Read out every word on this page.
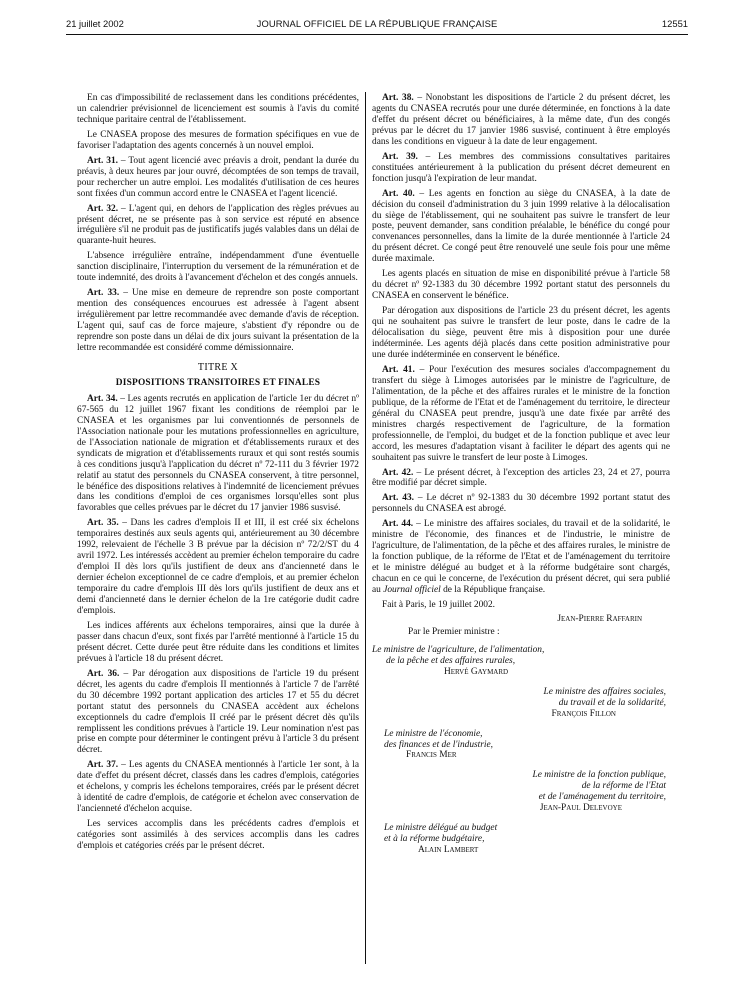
21 juillet 2002	JOURNAL OFFICIEL DE LA RÉPUBLIQUE FRANÇAISE	12551

En cas d'impossibilité de reclassement dans les conditions précédentes, un calendrier prévisionnel de licenciement est soumis à l'avis du comité technique paritaire central de l'établissement.

Le CNASEA propose des mesures de formation spécifiques en vue de favoriser l'adaptation des agents concernés à un nouvel emploi.

Art. 31. – Tout agent licencié avec préavis a droit, pendant la durée du préavis, à deux heures par jour ouvré, décomptées de son temps de travail, pour rechercher un autre emploi. Les modalités d'utilisation de ces heures sont fixées d'un commun accord entre le CNASEA et l'agent licencié.

Art. 32. – L'agent qui, en dehors de l'application des règles prévues au présent décret, ne se présente pas à son service est réputé en absence irrégulière s'il ne produit pas de justificatifs jugés valables dans un délai de quarante-huit heures.

L'absence irrégulière entraîne, indépendamment d'une éventuelle sanction disciplinaire, l'interruption du versement de la rémunération et de toute indemnité, des droits à l'avancement d'échelon et des congés annuels.

Art. 33. – Une mise en demeure de reprendre son poste comportant mention des conséquences encourues est adressée à l'agent absent irrégulièrement par lettre recommandée avec demande d'avis de réception. L'agent qui, sauf cas de force majeure, s'abstient d'y répondre ou de reprendre son poste dans un délai de dix jours suivant la présentation de la lettre recommandée est considéré comme démissionnaire.

TITRE X
DISPOSITIONS TRANSITOIRES ET FINALES

Art. 34. – Les agents recrutés en application de l'article 1er du décret nº 67-565 du 12 juillet 1967 fixant les conditions de réemploi par le CNASEA et les organismes par lui conventionnés de personnels de l'Association nationale pour les mutations professionnelles en agriculture, de l'Association nationale de migration et d'établissements ruraux et des syndicats de migration et d'établissements ruraux et qui sont restés soumis à ces conditions jusqu'à l'application du décret nº 72-111 du 3 février 1972 relatif au statut des personnels du CNASEA conservent, à titre personnel, le bénéfice des dispositions relatives à l'indemnité de licenciement prévues dans les conditions d'emploi de ces organismes lorsqu'elles sont plus favorables que celles prévues par le décret du 17 janvier 1986 susvisé.

Art. 35. – Dans les cadres d'emplois II et III, il est créé six échelons temporaires destinés aux seuls agents qui, antérieurement au 30 décembre 1992, relevaient de l'échelle 3 B prévue par la décision nº 72/2/ST du 4 avril 1972. Les intéressés accèdent au premier échelon temporaire du cadre d'emploi II dès lors qu'ils justifient de deux ans d'ancienneté dans le dernier échelon exceptionnel de ce cadre d'emplois, et au premier échelon temporaire du cadre d'emplois III dès lors qu'ils justifient de deux ans et demi d'ancienneté dans le dernier échelon de la 1re catégorie dudit cadre d'emplois.

Les indices afférents aux échelons temporaires, ainsi que la durée à passer dans chacun d'eux, sont fixés par l'arrêté mentionné à l'article 15 du présent décret. Cette durée peut être réduite dans les conditions et limites prévues à l'article 18 du présent décret.

Art. 36. – Par dérogation aux dispositions de l'article 19 du présent décret, les agents du cadre d'emplois II mentionnés à l'article 7 de l'arrêté du 30 décembre 1992 portant application des articles 17 et 55 du décret portant statut des personnels du CNASEA accèdent aux échelons exceptionnels du cadre d'emplois II créé par le présent décret dès qu'ils remplissent les conditions prévues à l'article 19. Leur nomination n'est pas prise en compte pour déterminer le contingent prévu à l'article 3 du présent décret.

Art. 37. – Les agents du CNASEA mentionnés à l'article 1er sont, à la date d'effet du présent décret, classés dans les cadres d'emplois, catégories et échelons, y compris les échelons temporaires, créés par le présent décret à identité de cadre d'emplois, de catégorie et échelon avec conservation de l'ancienneté d'échelon acquise.

Les services accomplis dans les précédents cadres d'emplois et catégories sont assimilés à des services accomplis dans les cadres d'emplois et catégories créés par le présent décret.

Art. 38. – Nonobstant les dispositions de l'article 2 du présent décret, les agents du CNASEA recrutés pour une durée déterminée, en fonctions à la date d'effet du présent décret ou bénéficiaires, à la même date, d'un des congés prévus par le décret du 17 janvier 1986 susvisé, continuent à être employés dans les conditions en vigueur à la date de leur engagement.

Art. 39. – Les membres des commissions consultatives paritaires constituées antérieurement à la publication du présent décret demeurent en fonction jusqu'à l'expiration de leur mandat.

Art. 40. – Les agents en fonction au siège du CNASEA, à la date de décision du conseil d'administration du 3 juin 1999 relative à la délocalisation du siège de l'établissement, qui ne souhaitent pas suivre le transfert de leur poste, peuvent demander, sans condition préalable, le bénéfice du congé pour convenances personnelles, dans la limite de la durée mentionnée à l'article 24 du présent décret. Ce congé peut être renouvelé une seule fois pour une même durée maximale.

Les agents placés en situation de mise en disponibilité prévue à l'article 58 du décret nº 92-1383 du 30 décembre 1992 portant statut des personnels du CNASEA en conservent le bénéfice.

Par dérogation aux dispositions de l'article 23 du présent décret, les agents qui ne souhaitent pas suivre le transfert de leur poste, dans le cadre de la délocalisation du siège, peuvent être mis à disposition pour une durée indéterminée. Les agents déjà placés dans cette position administrative pour une durée indéterminée en conservent le bénéfice.

Art. 41. – Pour l'exécution des mesures sociales d'accompagnement du transfert du siège à Limoges autorisées par le ministre de l'agriculture, de l'alimentation, de la pêche et des affaires rurales et le ministre de la fonction publique, de la réforme de l'Etat et de l'aménagement du territoire, le directeur général du CNASEA peut prendre, jusqu'à une date fixée par arrêté des ministres chargés respectivement de l'agriculture, de la formation professionnelle, de l'emploi, du budget et de la fonction publique et avec leur accord, les mesures d'adaptation visant à faciliter le départ des agents qui ne souhaitent pas suivre le transfert de leur poste à Limoges.

Art. 42. – Le présent décret, à l'exception des articles 23, 24 et 27, pourra être modifié par décret simple.

Art. 43. – Le décret nº 92-1383 du 30 décembre 1992 portant statut des personnels du CNASEA est abrogé.

Art. 44. – Le ministre des affaires sociales, du travail et de la solidarité, le ministre de l'économie, des finances et de l'industrie, le ministre de l'agriculture, de l'alimentation, de la pêche et des affaires rurales, le ministre de la fonction publique, de la réforme de l'Etat et de l'aménagement du territoire et le ministre délégué au budget et à la réforme budgétaire sont chargés, chacun en ce qui le concerne, de l'exécution du présent décret, qui sera publié au Journal officiel de la République française.

Fait à Paris, le 19 juillet 2002.
Jean-Pierre Raffarin
Par le Premier ministre :
Le ministre de l'agriculture, de l'alimentation,
de la pêche et des affaires rurales,
Hervé Gaymard
Le ministre des affaires sociales,
du travail et de la solidarité,
François Fillon
Le ministre de l'économie,
des finances et de l'industrie,
Francis Mer
Le ministre de la fonction publique,
de la réforme de l'Etat
et de l'aménagement du territoire,
Jean-Paul Delevoye
Le ministre délégué au budget
et à la réforme budgétaire,
Alain Lambert
